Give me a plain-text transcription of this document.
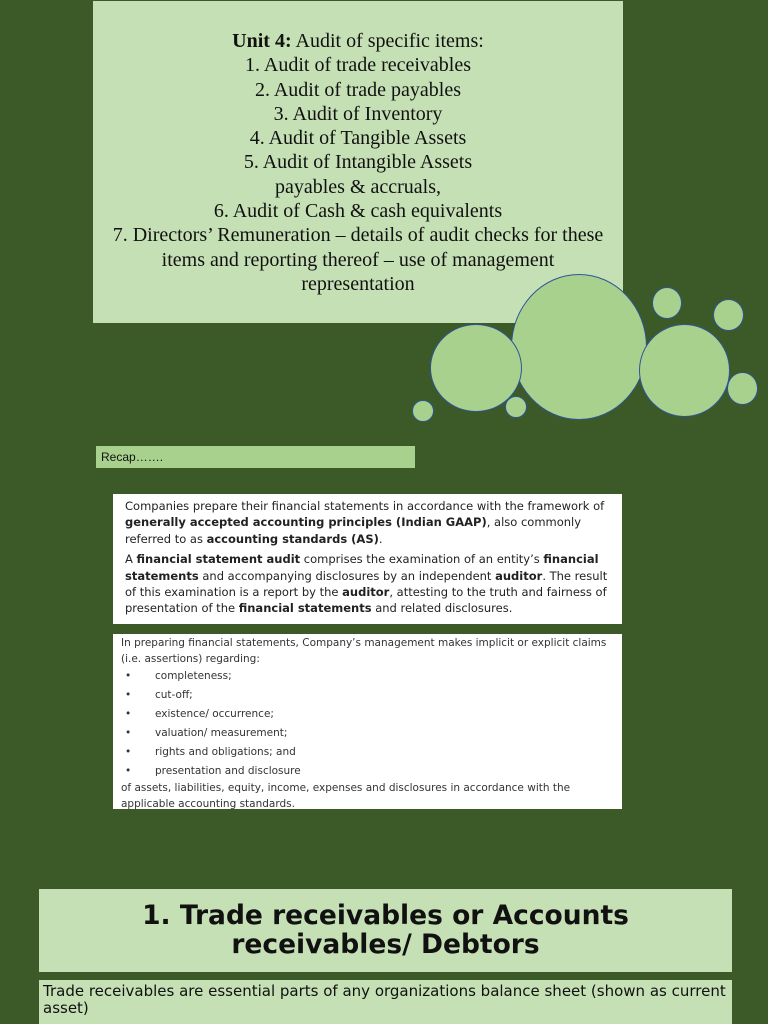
Unit 4: Audit of specific items:
1. Audit of trade receivables
2. Audit of trade payables
3. Audit of Inventory
4. Audit of Tangible Assets
5. Audit of Intangible Assets
payables & accruals,
6. Audit of Cash & cash equivalents
7. Directors’ Remuneration – details of audit checks for these items and reporting thereof – use of management representation
Recap…….

Companies prepare their financial statements in accordance with the framework of generally accepted accounting principles (Indian GAAP), also commonly referred to as accounting standards (AS).

A financial statement audit comprises the examination of an entity’s financial statements and accompanying disclosures by an independent auditor. The result of this examination is a report by the auditor, attesting to the truth and fairness of presentation of the financial statements and related disclosures.

In preparing financial statements, Company’s management makes implicit or explicit claims (i.e. assertions) regarding:

• completeness;
• cut-off;
• existence/ occurrence;
• valuation/ measurement;
• rights and obligations; and
• presentation and disclosure

of assets, liabilities, equity, income, expenses and disclosures in accordance with the applicable accounting standards.

1. Trade receivables or Accounts
receivables/ Debtors
Trade receivables are essential parts of any organizations balance sheet (shown as current asset)
